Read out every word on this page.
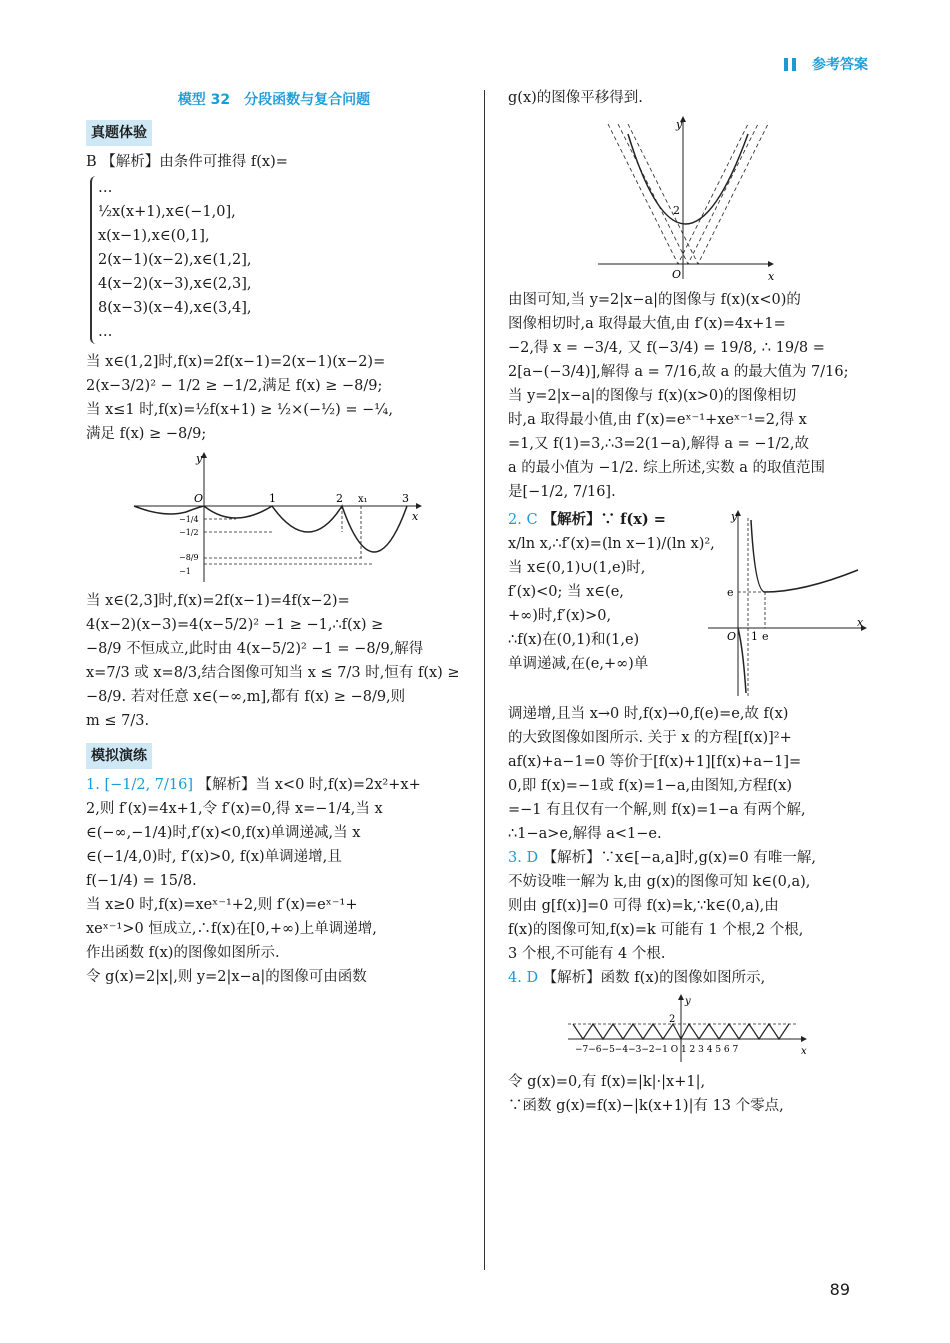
参考答案
模型 32　分段函数与复合问题
真题体验
B 【解析】由条件可推得 f(x)=
…
½x(x+1),x∈(−1,0],
x(x−1),x∈(0,1],
2(x−1)(x−2),x∈(1,2],
4(x−2)(x−3),x∈(2,3],
8(x−3)(x−4),x∈(3,4],
…
当 x∈(1,2]时,f(x)=2f(x−1)=2(x−1)(x−2)=
2(x−3/2)² − 1/2 ≥ −1/2,满足 f(x) ≥ −8/9;
当 x≤1 时,f(x)=½f(x+1) ≥ ½×(−½) = −¼,
满足 f(x) ≥ −8/9;
y
x
O	1	2 x₁	3
−1/4
−1/2
−8/9
−1
当 x∈(2,3]时,f(x)=2f(x−1)=4f(x−2)=
4(x−2)(x−3)=4(x−5/2)² −1 ≥ −1,∴f(x) ≥
−8/9 不恒成立,此时由 4(x−5/2)² −1 = −8/9,解得
x=7/3 或 x=8/3,结合图像可知当 x ≤ 7/3 时,恒有 f(x) ≥
−8/9. 若对任意 x∈(−∞,m],都有 f(x) ≥ −8/9,则
m ≤ 7/3.
模拟演练
1. [−1/2, 7/16] 【解析】当 x<0 时,f(x)=2x²+x+
2,则 f′(x)=4x+1,令 f′(x)=0,得 x=−1/4,当 x
∈(−∞,−1/4)时,f′(x)<0,f(x)单调递减,当 x
∈(−1/4,0)时, f′(x)>0, f(x)单调递增,且
f(−1/4) = 15/8.
当 x≥0 时,f(x)=xeˣ⁻¹+2,则 f′(x)=eˣ⁻¹+
xeˣ⁻¹>0 恒成立,∴f(x)在[0,+∞)上单调递增,
作出函数 f(x)的图像如图所示.
令 g(x)=2|x|,则 y=2|x−a|的图像可由函数
g(x)的图像平移得到.
y
x
O
2
由图可知,当 y=2|x−a|的图像与 f(x)(x<0)的
图像相切时,a 取得最大值,由 f′(x)=4x+1=
−2,得 x = −3/4, 又 f(−3/4) = 19/8, ∴ 19/8 =
2[a−(−3/4)],解得 a = 7/16,故 a 的最大值为 7/16;
当 y=2|x−a|的图像与 f(x)(x>0)的图像相切
时,a 取得最小值,由 f′(x)=eˣ⁻¹+xeˣ⁻¹=2,得 x
=1,又 f(1)=3,∴3=2(1−a),解得 a = −1/2,故
a 的最小值为 −1/2. 综上所述,实数 a 的取值范围
是[−1/2, 7/16].
y
x
O
e
1 e
2. C 【解析】∵ f(x) =
x/ln x,∴f′(x)=(ln x−1)/(ln x)²,
当 x∈(0,1)∪(1,e)时,
f′(x)<0; 当 x∈(e,
+∞)时,f′(x)>0,
∴f(x)在(0,1)和(1,e)
单调递减,在(e,+∞)单
调递增,且当 x→0 时,f(x)→0,f(e)=e,故 f(x)
的大致图像如图所示. 关于 x 的方程[f(x)]²+
af(x)+a−1=0 等价于[f(x)+1][f(x)+a−1]=
0,即 f(x)=−1或 f(x)=1−a,由图知,方程f(x)
=−1 有且仅有一个解,则 f(x)=1−a 有两个解,
∴1−a>e,解得 a<1−e.
3. D 【解析】∵x∈[−a,a]时,g(x)=0 有唯一解,
不妨设唯一解为 k,由 g(x)的图像可知 k∈(0,a),
则由 g[f(x)]=0 可得 f(x)=k,∵k∈(0,a),由
f(x)的图像可知,f(x)=k 可能有 1 个根,2 个根,
3 个根,不可能有 4 个根.
4. D 【解析】函数 f(x)的图像如图所示,
y
x
2
−7−6−5−4−3−2−1 O 1 2 3 4 5 6 7
令 g(x)=0,有 f(x)=|k|·|x+1|,
∵函数 g(x)=f(x)−|k(x+1)|有 13 个零点,
89
